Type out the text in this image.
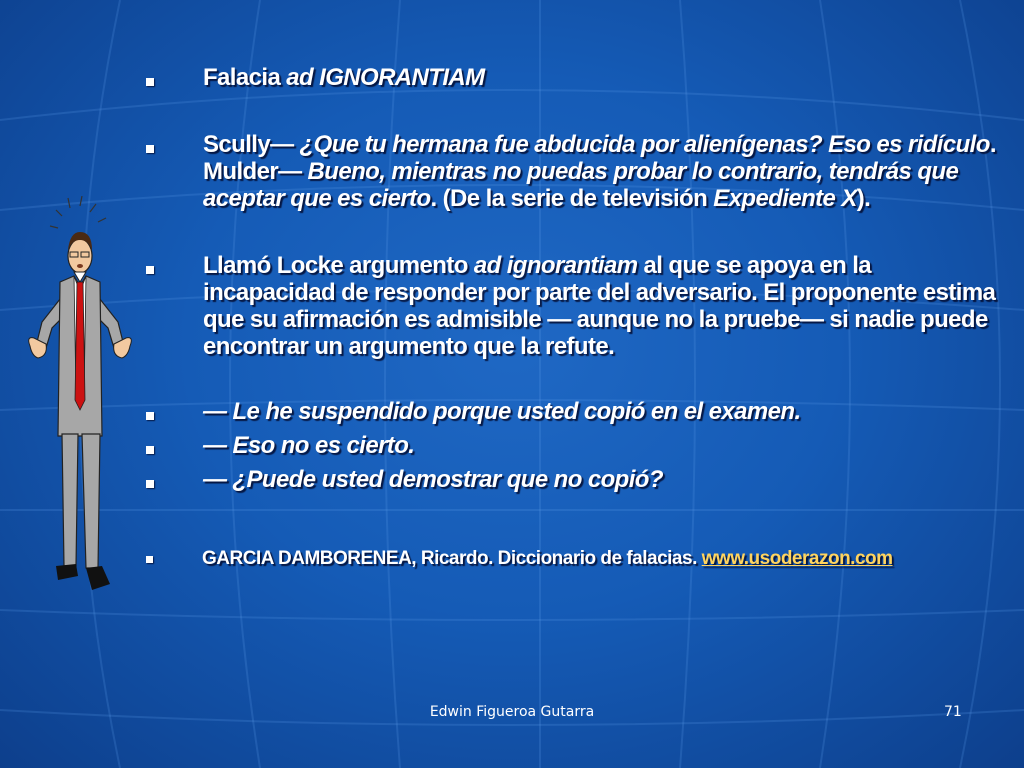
Falacia ad IGNORANTIAM
Scully— ¿Que tu hermana fue abducida por alienígenas? Eso es ridículo. Mulder— Bueno, mientras no puedas probar lo contrario, tendrás que aceptar que es cierto. (De la serie de televisión Expediente X).
Llamó Locke argumento ad ignorantiam al que se apoya en la incapacidad de responder por parte del adversario. El proponente estima que su afirmación es admisible — aunque no la pruebe— si nadie puede encontrar un argumento que la refute.
— Le he suspendido porque usted copió en el examen.
— Eso no es cierto.
— ¿Puede usted demostrar que no copió?
GARCIA DAMBORENEA, Ricardo. Diccionario de falacias. www.usoderazon.com
Edwin Figueroa Gutarra	71
